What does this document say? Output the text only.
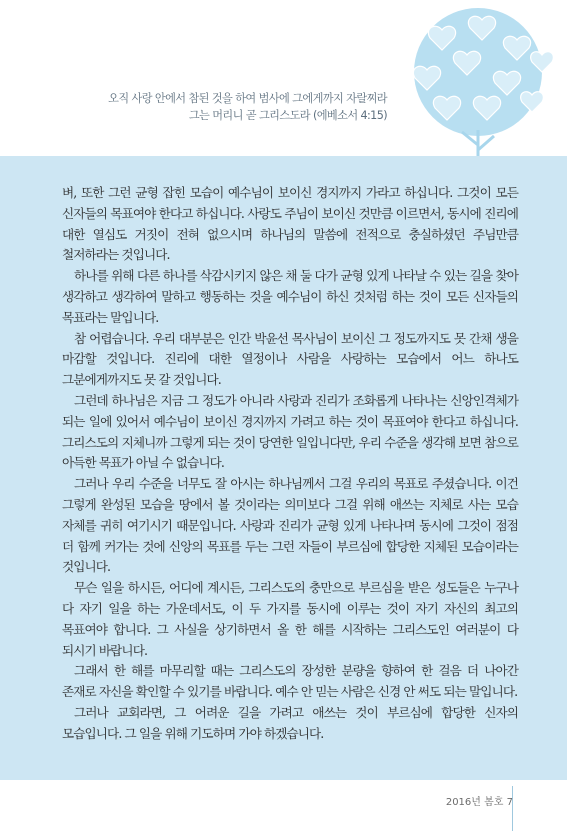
오직 사랑 안에서 참된 것을 하여 범사에 그에게까지 자랄찌라
그는 머리니 곧 그리스도라 (에베소서 4:15)

벼, 또한 그런 균형 잡힌 모습이 예수님이 보이신 경지까지 가라고 하십니다. 그것이 모든 신자들의 목표여야 한다고 하십니다. 사랑도 주님이 보이신 것만큼 이르면서, 동시에 진리에 대한 열심도 거짓이 전혀 없으시며 하나님의 말씀에 전적으로 충실하셨던 주님만큼 철저하라는 것입니다.

하나를 위해 다른 하나를 삭감시키지 않은 채 둘 다가 균형 있게 나타날 수 있는 길을 찾아 생각하고 생각하여 말하고 행동하는 것을 예수님이 하신 것처럼 하는 것이 모든 신자들의 목표라는 말입니다.

참 어렵습니다. 우리 대부분은 인간 박윤선 목사님이 보이신 그 정도까지도 못 간채 생을 마감할 것입니다. 진리에 대한 열정이나 사람을 사랑하는 모습에서 어느 하나도 그분에게까지도 못 갈 것입니다.

그런데 하나님은 지금 그 정도가 아니라 사랑과 진리가 조화롭게 나타나는 신앙인격체가 되는 일에 있어서 예수님이 보이신 경지까지 가려고 하는 것이 목표여야 한다고 하십니다. 그리스도의 지체니까 그렇게 되는 것이 당연한 일입니다만, 우리 수준을 생각해 보면 참으로 아득한 목표가 아닐 수 없습니다.

그러나 우리 수준을 너무도 잘 아시는 하나님께서 그걸 우리의 목표로 주셨습니다. 이건 그렇게 완성된 모습을 땅에서 볼 것이라는 의미보다 그걸 위해 애쓰는 지체로 사는 모습 자체를 귀히 여기시기 때문입니다. 사랑과 진리가 균형 있게 나타나며 동시에 그것이 점점 더 함께 커가는 것에 신앙의 목표를 두는 그런 자들이 부르심에 합당한 지체된 모습이라는 것입니다.

무슨 일을 하시든, 어디에 계시든, 그리스도의 충만으로 부르심을 받은 성도들은 누구나 다 자기 일을 하는 가운데서도, 이 두 가지를 동시에 이루는 것이 자기 자신의 최고의 목표여야 합니다. 그 사실을 상기하면서 올 한 해를 시작하는 그리스도인 여러분이 다 되시기 바랍니다.

그래서 한 해를 마무리할 때는 그리스도의 장성한 분량을 향하여 한 걸음 더 나아간 존재로 자신을 확인할 수 있기를 바랍니다. 예수 안 믿는 사람은 신경 안 써도 되는 말입니다.

그러나 교회라면, 그 어려운 길을 가려고 애쓰는 것이 부르심에 합당한 신자의 모습입니다. 그 일을 위해 기도하며 가야 하겠습니다.

2016년 봄호 7
